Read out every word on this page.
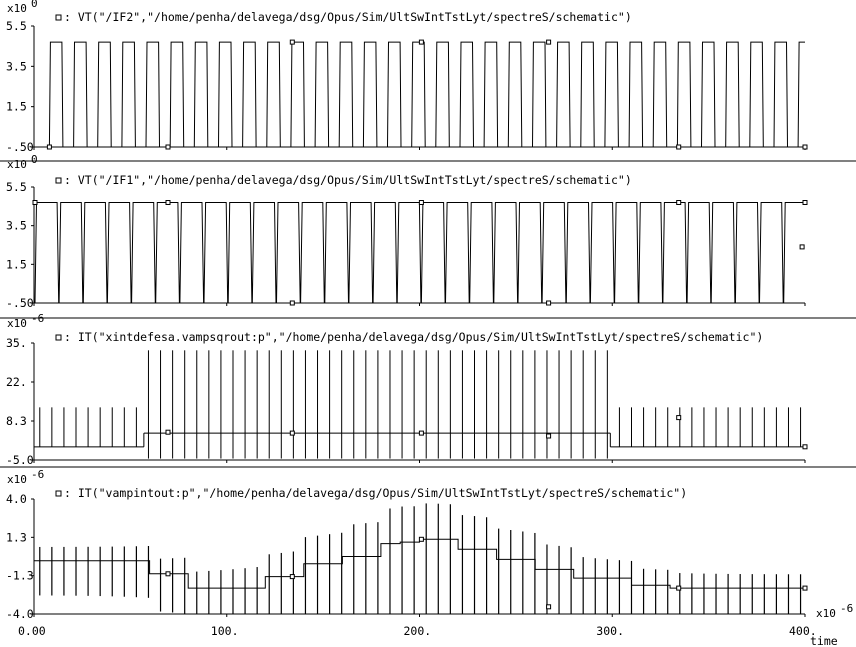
x10 0
: VT("/IF2","/home/penha/delavega/dsg/Opus/Sim/UltSwIntTstLyt/spectreS/schematic")
5.5
3.5
1.5
-.50
x10 0
: VT("/IF1","/home/penha/delavega/dsg/Opus/Sim/UltSwIntTstLyt/spectreS/schematic")
5.5
3.5
1.5
-.50
x10 -6
: IT("xintdefesa.vampsqrout:p","/home/penha/delavega/dsg/Opus/Sim/UltSwIntTstLyt/spectreS/schematic")
35.
22.
8.3
-5.0
x10 -6
: IT("vampintout:p","/home/penha/delavega/dsg/Opus/Sim/UltSwIntTstLyt/spectreS/schematic")
4.0
1.3
-1.3
-4.0	x10 -6
time
0.00	100.	200.	300.	400.
